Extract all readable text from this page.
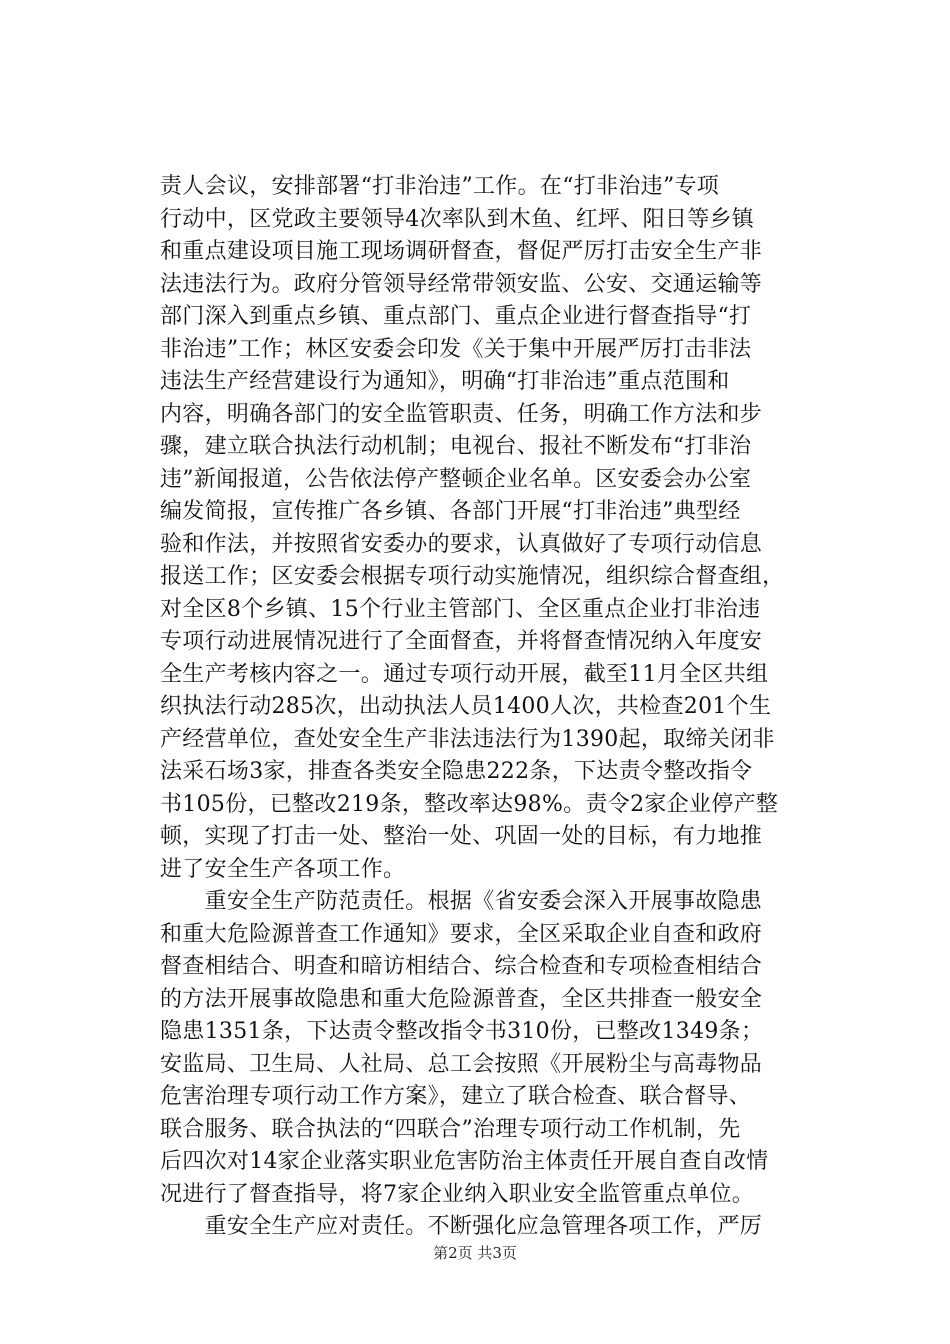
责人会议，安排部署“打非治违”工作。在“打非治违”专项
行动中，区党政主要领导4次率队到木鱼、红坪、阳日等乡镇
和重点建设项目施工现场调研督查，督促严厉打击安全生产非
法违法行为。政府分管领导经常带领安监、公安、交通运输等
部门深入到重点乡镇、重点部门、重点企业进行督查指导“打
非治违”工作；林区安委会印发《关于集中开展严厉打击非法
违法生产经营建设行为通知》，明确“打非治违”重点范围和
内容，明确各部门的安全监管职责、任务，明确工作方法和步
骤，建立联合执法行动机制；电视台、报社不断发布“打非治
违”新闻报道，公告依法停产整顿企业名单。区安委会办公室
编发简报，宣传推广各乡镇、各部门开展“打非治违”典型经
验和作法，并按照省安委办的要求，认真做好了专项行动信息
报送工作；区安委会根据专项行动实施情况，组织综合督查组，
对全区8个乡镇、15个行业主管部门、全区重点企业打非治违
专项行动进展情况进行了全面督查，并将督查情况纳入年度安
全生产考核内容之一。通过专项行动开展，截至11月全区共组
织执法行动285次，出动执法人员1400人次，共检查201个生
产经营单位，查处安全生产非法违法行为1390起，取缔关闭非
法采石场3家，排查各类安全隐患222条，下达责令整改指令
书105份，已整改219条，整改率达98%。责令2家企业停产整
顿，实现了打击一处、整治一处、巩固一处的目标，有力地推
进了安全生产各项工作。
　　重安全生产防范责任。根据《省安委会深入开展事故隐患
和重大危险源普查工作通知》要求，全区采取企业自查和政府
督查相结合、明查和暗访相结合、综合检查和专项检查相结合
的方法开展事故隐患和重大危险源普查，全区共排查一般安全
隐患1351条，下达责令整改指令书310份，已整改1349条；
安监局、卫生局、人社局、总工会按照《开展粉尘与高毒物品
危害治理专项行动工作方案》，建立了联合检查、联合督导、
联合服务、联合执法的“四联合”治理专项行动工作机制，先
后四次对14家企业落实职业危害防治主体责任开展自查自改情
况进行了督查指导，将7家企业纳入职业安全监管重点单位。
　　重安全生产应对责任。不断强化应急管理各项工作，严厉
第2页 共3页
